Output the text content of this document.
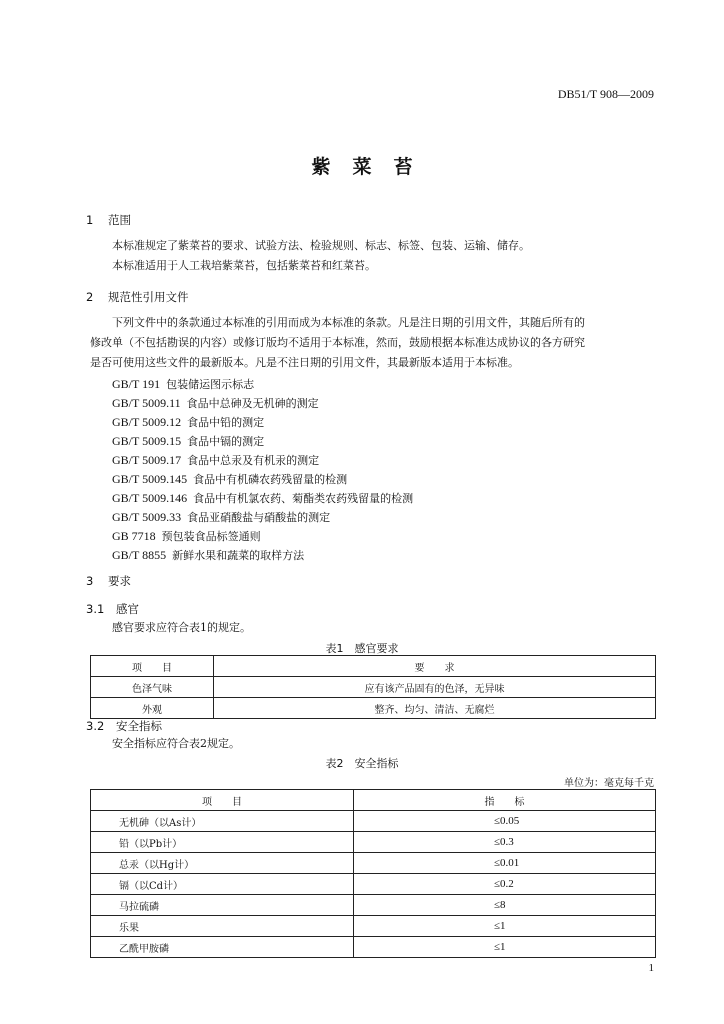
DB51/T 908—2009
紫菜苔
1 范围
本标准规定了紫菜苔的要求、试验方法、检验规则、标志、标签、包装、运输、储存。
本标准适用于人工栽培紫菜苔，包括紫菜苔和红菜苔。
2 规范性引用文件
下列文件中的条款通过本标准的引用而成为本标准的条款。凡是注日期的引用文件，其随后所有的
修改单（不包括勘误的内容）或修订版均不适用于本标准，然而，鼓励根据本标准达成协议的各方研究
是否可使用这些文件的最新版本。凡是不注日期的引用文件，其最新版本适用于本标准。
GB/T 191 包装储运图示标志
GB/T 5009.11 食品中总砷及无机砷的测定
GB/T 5009.12 食品中铅的测定
GB/T 5009.15 食品中镉的测定
GB/T 5009.17 食品中总汞及有机汞的测定
GB/T 5009.145 食品中有机磷农药残留量的检测
GB/T 5009.146 食品中有机氯农药、菊酯类农药残留量的检测
GB/T 5009.33 食品亚硝酸盐与硝酸盐的测定
GB 7718 预包装食品标签通则
GB/T 8855 新鲜水果和蔬菜的取样方法
3 要求
3.1 感官
感官要求应符合表1的规定。
表1　感官要求
项　　目	要　　求
色泽气味	应有该产品固有的色泽，无异味
外观	整齐、均匀、清洁、无腐烂
3.2 安全指标
安全指标应符合表2规定。
表2　安全指标
单位为：毫克每千克
项　　目	指　　标
无机砷（以As计）	≤0.05
铅（以Pb计）	≤0.3
总汞（以Hg计）	≤0.01
镉（以Cd计）	≤0.2
马拉硫磷	≤8
乐果	≤1
乙酰甲胺磷	≤1
1
